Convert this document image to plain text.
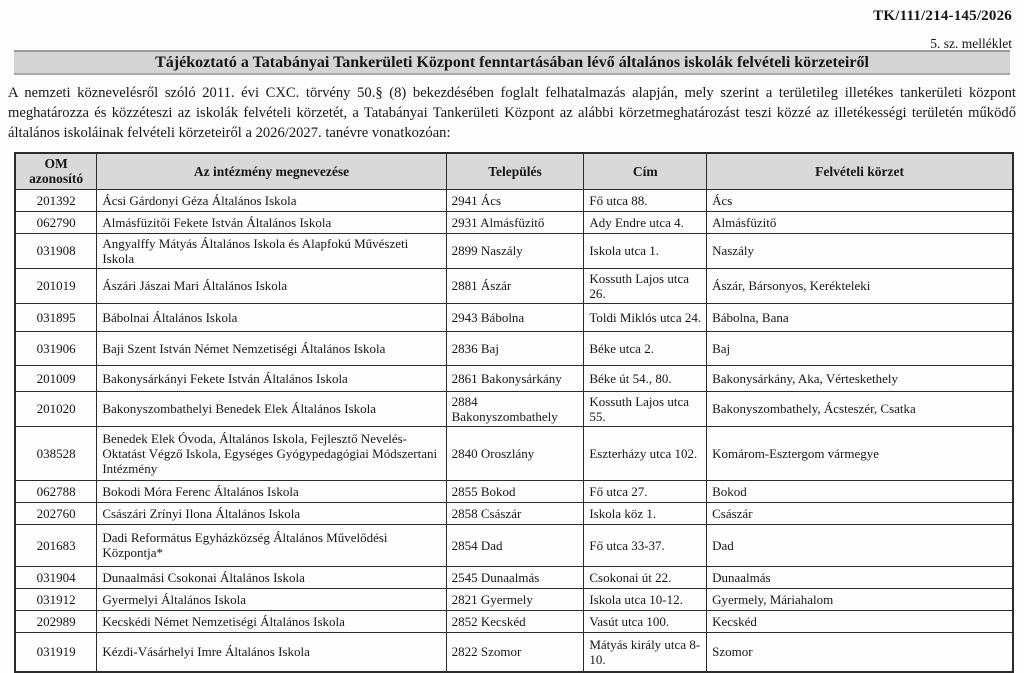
TK/111/214-145/2026
5. sz. melléklet
Tájékoztató a Tatabányai Tankerületi Központ fenntartásában lévő általános iskolák felvételi körzeteiről

A nemzeti köznevelésről szóló 2011. évi CXC. törvény 50.§ (8) bekezdésében foglalt felhatalmazás alapján, mely szerint a területileg illetékes tankerületi központ meghatározza és közzéteszi az iskolák felvételi körzetét, a Tatabányai Tankerületi Központ az alábbi körzetmeghatározást teszi közzé az illetékességi területén működő általános iskoláinak felvételi körzeteiről a 2026/2027. tanévre vonatkozóan:

OM azonosító	Az intézmény megnevezése	Település	Cím	Felvételi körzet
201392	Ácsi Gárdonyi Géza Általános Iskola	2941 Ács	Fő utca 88.	Ács
062790	Almásfüzitői Fekete István Általános Iskola	2931 Almásfüzitő	Ady Endre utca 4.	Almásfüzitő
031908	Angyalffy Mátyás Általános Iskola és Alapfokú Művészeti Iskola	2899 Naszály	Iskola utca 1.	Naszály
201019	Ászári Jászai Mari Általános Iskola	2881 Ászár	Kossuth Lajos utca 26.	Ászár, Bársonyos, Kerékteleki
031895	Bábolnai Általános Iskola	2943 Bábolna	Toldi Miklós utca 24.	Bábolna, Bana
031906	Baji Szent István Német Nemzetiségi Általános Iskola	2836 Baj	Béke utca 2.	Baj
201009	Bakonysárkányi Fekete István Általános Iskola	2861 Bakonysárkány	Béke út 54., 80.	Bakonysárkány, Aka, Vérteskethely
201020	Bakonyszombathelyi Benedek Elek Általános Iskola	2884 Bakonyszombathely	Kossuth Lajos utca 55.	Bakonyszombathely, Ácsteszér, Csatka
038528	Benedek Elek Óvoda, Általános Iskola, Fejlesztő Nevelés-Oktatást Végző Iskola, Egységes Gyógypedagógiai Módszertani Intézmény	2840 Oroszlány	Eszterházy utca 102.	Komárom-Esztergom vármegye
062788	Bokodi Móra Ferenc Általános Iskola	2855 Bokod	Fő utca 27.	Bokod
202760	Császári Zrínyi Ilona Általános Iskola	2858 Császár	Iskola köz 1.	Császár
201683	Dadi Református Egyházközség Általános Művelődési Központja*	2854 Dad	Fő utca 33-37.	Dad
031904	Dunaalmási Csokonai Általános Iskola	2545 Dunaalmás	Csokonai út 22.	Dunaalmás
031912	Gyermelyi Általános Iskola	2821 Gyermely	Iskola utca 10-12.	Gyermely, Máriahalom
202989	Kecskédi Német Nemzetiségi Általános Iskola	2852 Kecskéd	Vasút utca 100.	Kecskéd
031919	Kézdi-Vásárhelyi Imre Általános Iskola	2822 Szomor	Mátyás király utca 8-10.	Szomor
